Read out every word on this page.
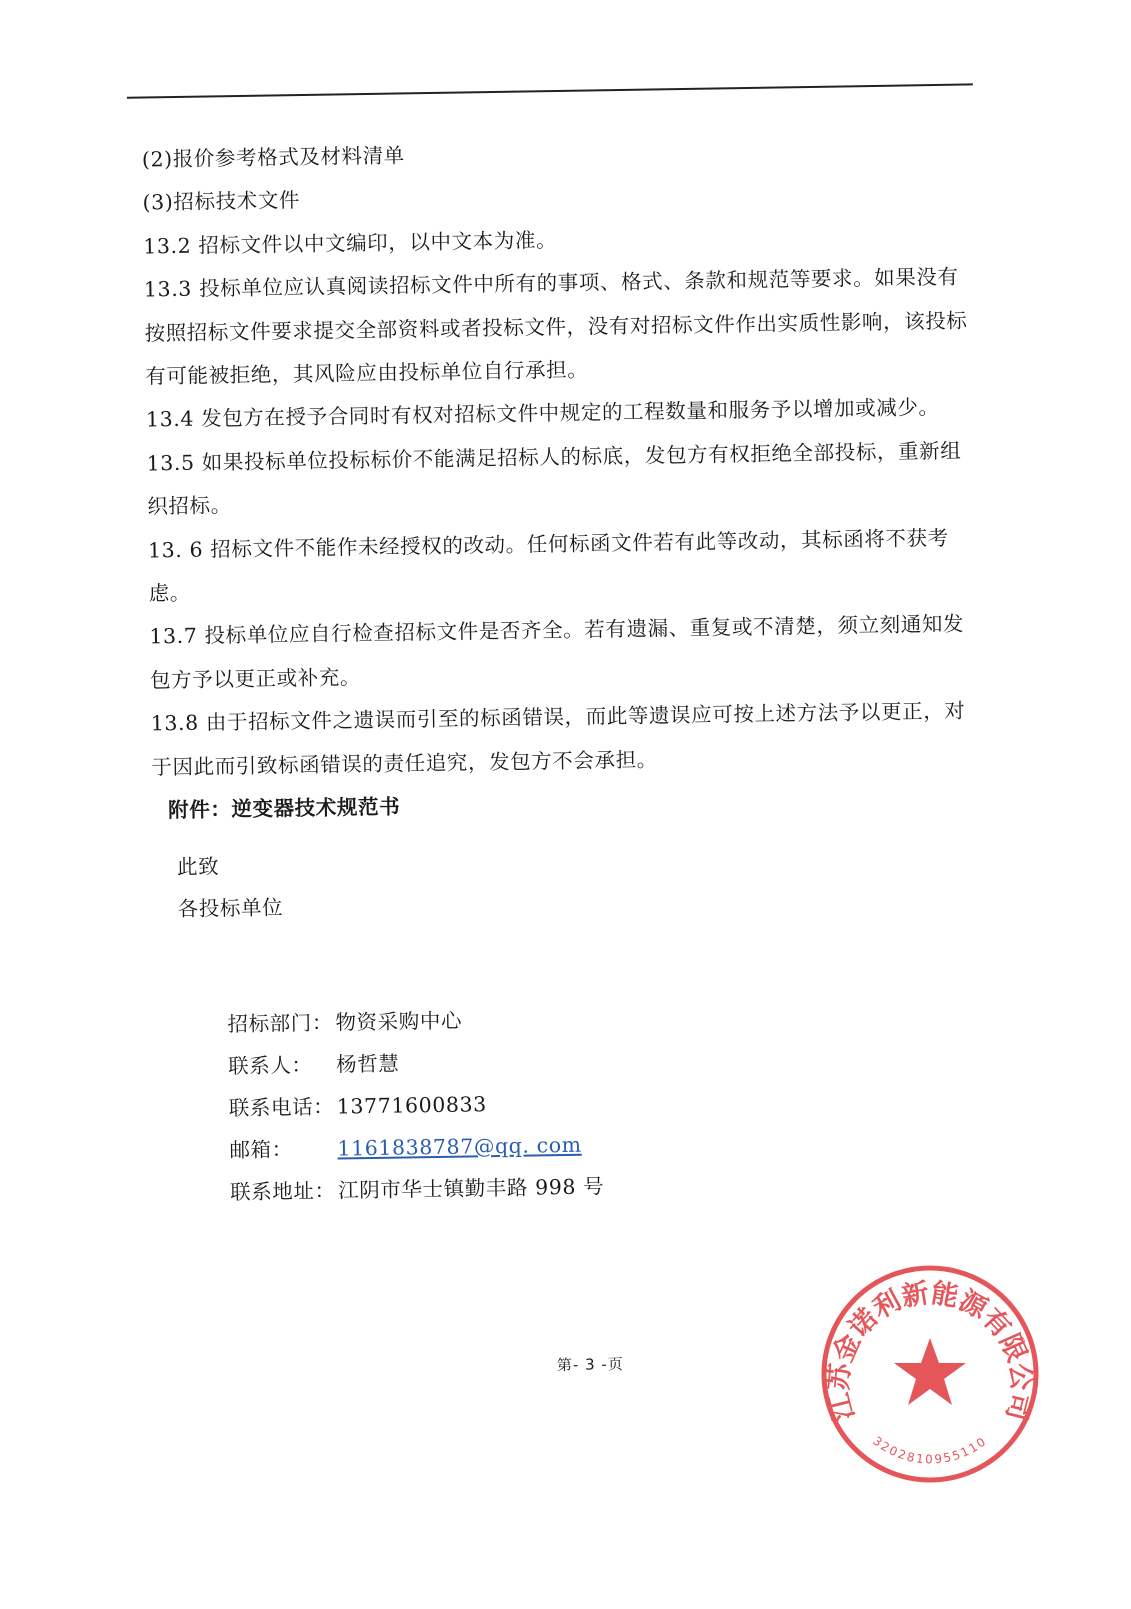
(2)报价参考格式及材料清单

(3)招标技术文件

13.2 招标文件以中文编印，以中文本为准。

13.3 投标单位应认真阅读招标文件中所有的事项、格式、条款和规范等要求。如果没有按照招标文件要求提交全部资料或者投标文件，没有对招标文件作出实质性影响，该投标有可能被拒绝，其风险应由投标单位自行承担。

13.4 发包方在授予合同时有权对招标文件中规定的工程数量和服务予以增加或减少。

13.5 如果投标单位投标标价不能满足招标人的标底，发包方有权拒绝全部投标，重新组织招标。

13. 6 招标文件不能作未经授权的改动。任何标函文件若有此等改动，其标函将不获考虑。

13.7 投标单位应自行检查招标文件是否齐全。若有遗漏、重复或不清楚，须立刻通知发包方予以更正或补充。

13.8 由于招标文件之遗误而引至的标函错误，而此等遗误应可按上述方法予以更正，对于因此而引致标函错误的责任追究，发包方不会承担。

附件：逆变器技术规范书

此致

各投标单位

招标部门： 物资采购中心
联系人：	杨哲慧
联系电话： 13771600833
邮箱：	1161838787@qq. com
联系地址： 江阴市华士镇勤丰路 998 号
第- 3 -页
江苏金诺利新能源有限公司
3202810955110
